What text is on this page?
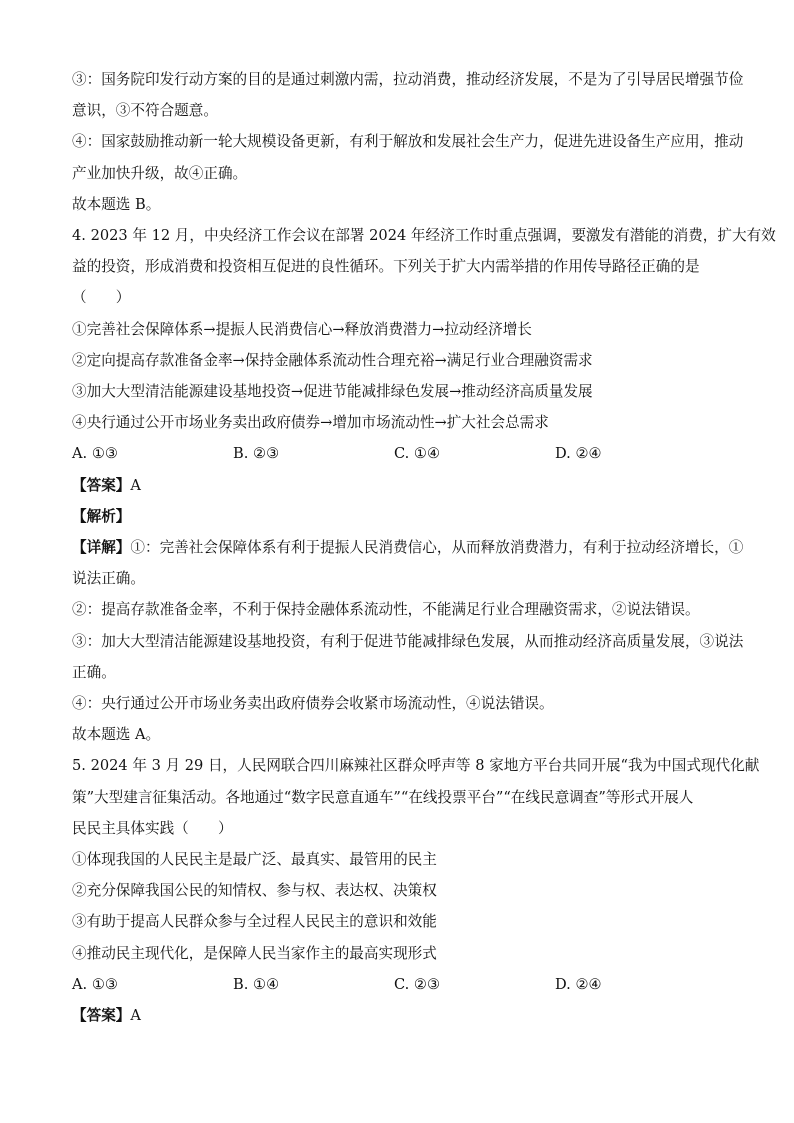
③：国务院印发行动方案的目的是通过刺激内需，拉动消费，推动经济发展，不是为了引导居民增强节俭
意识，③不符合题意。
④：国家鼓励推动新一轮大规模设备更新，有利于解放和发展社会生产力，促进先进设备生产应用，推动
产业加快升级，故④正确。
故本题选 B。
4. 2023 年 12 月，中央经济工作会议在部署 2024 年经济工作时重点强调，要激发有潜能的消费，扩大有效
益的投资，形成消费和投资相互促进的良性循环。下列关于扩大内需举措的作用传导路径正确的是
（　　）
①完善社会保障体系→提振人民消费信心→释放消费潜力→拉动经济增长
②定向提高存款准备金率→保持金融体系流动性合理充裕→满足行业合理融资需求
③加大大型清洁能源建设基地投资→促进节能减排绿色发展→推动经济高质量发展
④央行通过公开市场业务卖出政府债券→增加市场流动性→扩大社会总需求
A. ①③	B. ②③	C. ①④	D. ②④
【答案】A
【解析】
【详解】①：完善社会保障体系有利于提振人民消费信心，从而释放消费潜力，有利于拉动经济增长，①
说法正确。
②：提高存款准备金率，不利于保持金融体系流动性，不能满足行业合理融资需求，②说法错误。
③：加大大型清洁能源建设基地投资，有利于促进节能减排绿色发展，从而推动经济高质量发展，③说法
正确。
④：央行通过公开市场业务卖出政府债券会收紧市场流动性，④说法错误。
故本题选 A。
5. 2024 年 3 月 29 日，人民网联合四川麻辣社区群众呼声等 8 家地方平台共同开展“我为中国式现代化献
策”大型建言征集活动。各地通过“数字民意直通车”“在线投票平台”“在线民意调查”等形式开展人
民民主具体实践（　　）
①体现我国的人民民主是最广泛、最真实、最管用的民主
②充分保障我国公民的知情权、参与权、表达权、决策权
③有助于提高人民群众参与全过程人民民主的意识和效能
④推动民主现代化，是保障人民当家作主的最高实现形式
A. ①③	B. ①④	C. ②③	D. ②④
【答案】A
